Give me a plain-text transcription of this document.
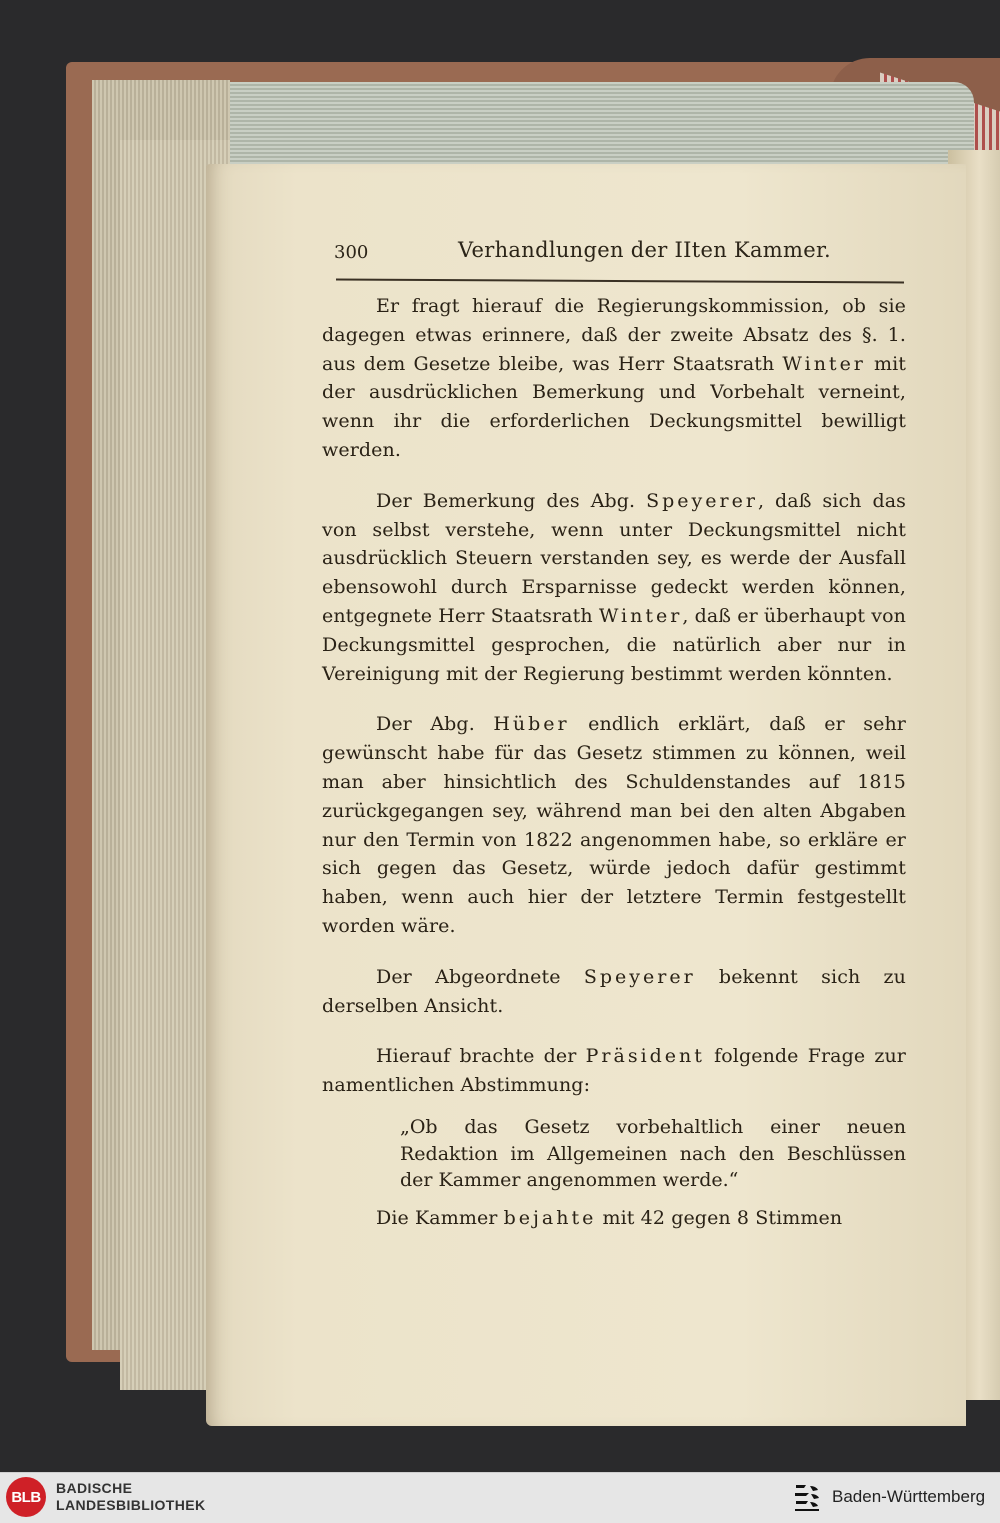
300	Verhandlungen der IIten Kammer.

Er fragt hierauf die Regierungskommission, ob sie dagegen etwas erinnere, daß der zweite Absatz des §. 1. aus dem Gesetze bleibe, was Herr Staatsrath Winter mit der ausdrücklichen Bemerkung und Vorbehalt verneint, wenn ihr die erforderlichen Deckungsmittel bewilligt werden.

Der Bemerkung des Abg. Speyerer, daß sich das von selbst verstehe, wenn unter Deckungsmittel nicht ausdrücklich Steuern verstanden sey, es werde der Ausfall ebensowohl durch Ersparnisse gedeckt werden können, entgegnete Herr Staatsrath Winter, daß er überhaupt von Deckungsmittel gesprochen, die natürlich aber nur in Vereinigung mit der Regierung bestimmt werden könnten.

Der Abg. Hüber endlich erklärt, daß er sehr gewünscht habe für das Gesetz stimmen zu können, weil man aber hinsichtlich des Schuldenstandes auf 1815 zurückgegangen sey, während man bei den alten Abgaben nur den Termin von 1822 angenommen habe, so erkläre er sich gegen das Gesetz, würde jedoch dafür gestimmt haben, wenn auch hier der letztere Termin festgestellt worden wäre.

Der Abgeordnete Speyerer bekennt sich zu derselben Ansicht.

Hierauf brachte der Präsident folgende Frage zur namentlichen Abstimmung:

„Ob das Gesetz vorbehaltlich einer neuen Redaktion im Allgemeinen nach den Beschlüssen der Kammer angenommen werde.“

Die Kammer bejahte mit 42 gegen 8 Stimmen

BLB
BADISCHE
LANDESBIBLIOTHEK	Baden-Württemberg
